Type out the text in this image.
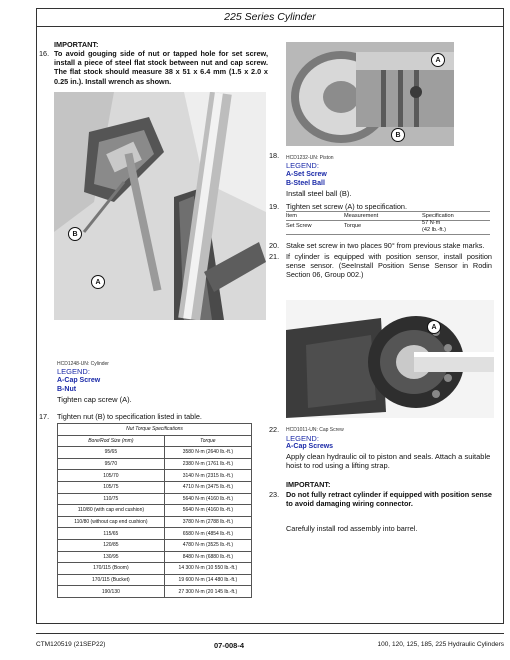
225 Series Cylinder
IMPORTANT:
16. To avoid gouging side of nut or tapped hole for set screw, install a piece of steel flat stock between nut and cap screw. The flat stock should measure 38 x 51 x 6.4 mm (1.5 x 2.0 x 0.25 in.). Install wrench as shown.
B
A
HCD1248-UN: Cylinder
LEGEND:
A-Cap Screw
B-Nut
Tighten cap screw (A).
17. Tighten nut (B) to specification listed in table.
Nut Torque Specifications	
Bore/Rod Size (mm)	Torque
95/65	3580 N·m (2640 lb.-ft.)
95/70	2380 N·m (1761 lb.-ft.)
105/70	3140 N·m (2315 lb.-ft.)
105/75	4710 N·m (3475 lb.-ft.)
110/75	5640 N·m (4160 lb.-ft.)
110/80 (with cap end cushion)	5640 N·m (4160 lb.-ft.)
110/80 (without cap end cushion)	3780 N·m (2788 lb.-ft.)
115/65	6580 N·m (4854 lb.-ft.)
120/85	4780 N·m (3525 lb.-ft.)
130/95	8480 N·m (6880 lb.-ft.)
170/115 (Boom)	14 300 N·m (10 550 lb.-ft.)
170/115 (Bucket)	19 600 N·m (14 480 lb.-ft.)
190/130	27 300 N·m (20 145 lb.-ft.)
A
B
18. HCD1232-UN: Piston
LEGEND:
A-Set Screw
B-Steel Ball
Install steel ball (B).
19. Tighten set screw (A) to specification.
Item	Measurement	Specification
Set Screw	Torque	57 N·m
(42 lb.-ft.)
20. Stake set screw in two places 90° from previous stake marks.
21. If cylinder is equipped with position sensor, install position sense sensor. (SeeInstall Position Sense Sensor in Rodin Section 06, Group 002.)
A
22. HCD1011-UN: Cap Screw
LEGEND:
A-Cap Screws
Apply clean hydraulic oil to piston and seals. Attach a suitable hoist to rod using a lifting strap.
IMPORTANT:
23. Do not fully retract cylinder if equipped with position sense to avoid damaging wiring connector.
Carefully install rod assembly into barrel.
CTM120519 (21SEP22)	07-008-4	100, 120, 125, 185, 225 Hydraulic Cylinders
